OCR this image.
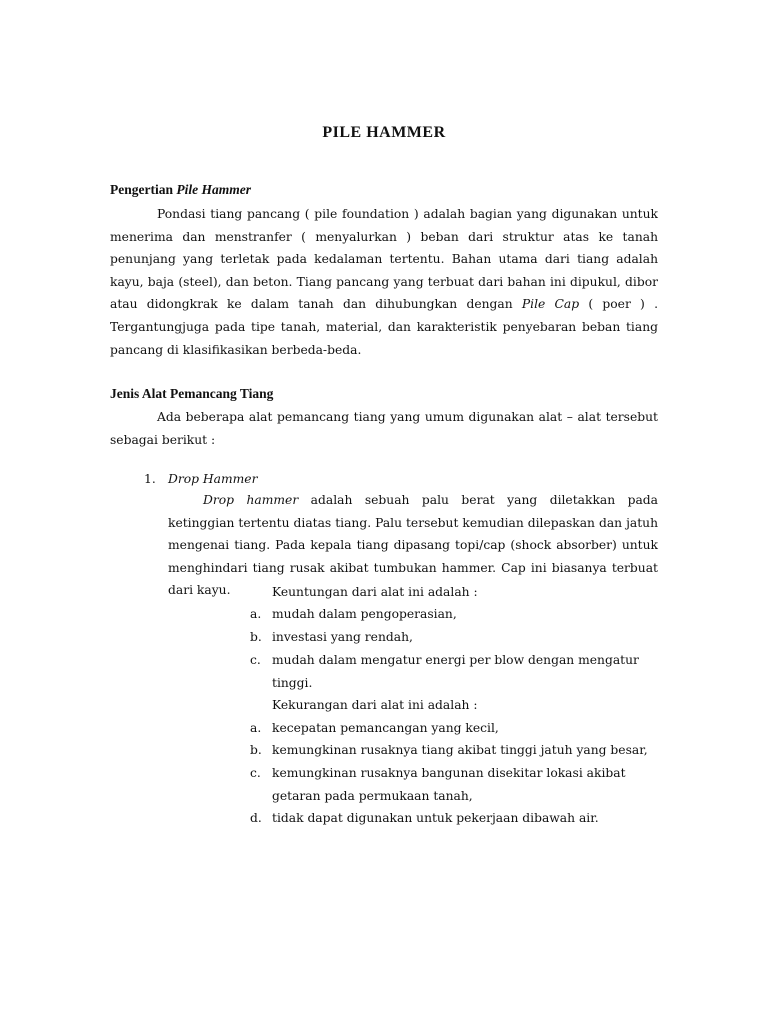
PILE HAMMER
Pengertian Pile Hammer
Pondasi tiang pancang ( pile foundation ) adalah bagian yang digunakan untuk menerima dan menstranfer ( menyalurkan ) beban dari struktur atas ke tanah penunjang yang terletak pada kedalaman tertentu. Bahan utama dari tiang adalah kayu, baja (steel), dan beton. Tiang pancang yang terbuat dari bahan ini dipukul, dibor atau didongkrak ke dalam tanah dan dihubungkan dengan Pile Cap ( poer ) . Tergantungjuga pada tipe tanah, material, dan karakteristik penyebaran beban tiang pancang di klasifikasikan berbeda-beda.
Jenis Alat Pemancang Tiang
Ada beberapa alat pemancang tiang yang umum digunakan alat – alat tersebut sebagai berikut :
1. Drop Hammer
Drop hammer adalah sebuah palu berat yang diletakkan pada ketinggian tertentu diatas tiang. Palu tersebut kemudian dilepaskan dan jatuh mengenai tiang. Pada kepala tiang dipasang topi/cap (shock absorber) untuk menghindari tiang rusak akibat tumbukan hammer. Cap ini biasanya terbuat dari kayu.	Keuntungan dari alat ini adalah :
a. mudah dalam pengoperasian,
b. investasi yang rendah,
c. mudah dalam mengatur energi per blow dengan mengatur
tinggi.
Kekurangan dari alat ini adalah :
a. kecepatan pemancangan yang kecil,
b. kemungkinan rusaknya tiang akibat tinggi jatuh yang besar,
c. kemungkinan rusaknya bangunan disekitar lokasi akibat
getaran pada permukaan tanah,
d. tidak dapat digunakan untuk pekerjaan dibawah air.
